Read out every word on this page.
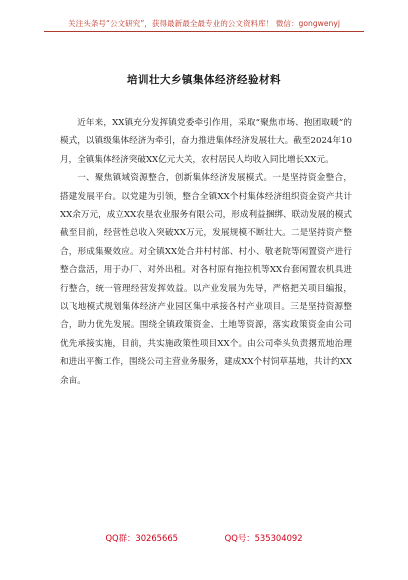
关注头条号“公文研究”，获得最新最全最专业的公文资料库！ 微信：gongwenyj
培训壮大乡镇集体经济经验材料

近年来，XX镇充分发挥镇党委牵引作用，采取“聚焦市场、抱团取暖”的模式，以镇级集体经济为牵引，奋力推进集体经济发展壮大。截至2024年10月，全镇集体经济突破XX亿元大关，农村居民人均收入同比增长XX元。

一、聚焦镇域资源整合，创新集体经济发展模式。一是坚持资金整合，搭建发展平台。以党建为引领，整合全镇XX个村集体经济组织资金资产共计XX余万元，成立XX农垦农业服务有限公司，形成利益捆绑、联动发展的模式截至目前，经营性总收入突破XX万元，发展规模不断壮大。二是坚持资产整合，形成集聚效应。对全镇XX处合并村村部、村小、敬老院等闲置资产进行整合盘活，用于办厂、对外出租。对各村原有拖拉机等XX台套闲置农机具进行整合，统一管理经营发挥效益。以产业发展为先导，严格把关项目编报，以飞地模式规划集体经济产业园区集中承接各村产业项目。三是坚持资源整合，助力优先发展。围绕全镇政策资金、土地等资源，落实政策资金由公司优先承接实施，目前，共实施政策性项目XX个。由公司牵头负责撂荒地治理和进出平衡工作，围绕公司主营业务服务，建成XX个村饲草基地，共计约XX余亩。

QQ群：30265665	QQ号：535304092
